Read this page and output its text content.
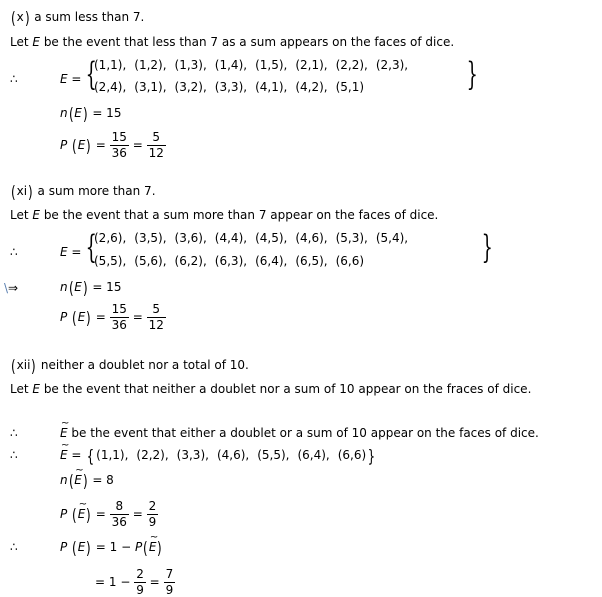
(x) a sum less than 7.
Let E be the event that less than 7 as a sum appears on the faces of dice.
∴	E = {
(1,1), (1,2), (1,3), (1,4), (1,5), (2,1), (2,2), (2,3),
(2,4), (3,1), (3,2), (3,3), (4,1), (4,2), (5,1)	}
n(E) = 15
P $(E) = \frac{15}{36} = \frac{5}{12}$
(xi) a sum more than 7.
Let E be the event that a sum more than 7 appear on the faces of dice.
∴	E = {
(2,6), (3,5), (3,6), (4,4), (4,5), (4,6), (5,3), (5,4),
(5,5), (5,6), (6,2), (6,3), (6,4), (6,5), (6,6)	}
\⇒	n(E) = 15
P $(E) = \frac{15}{36} = \frac{5}{12}$
(xii) neither a doublet nor a total of 10.
Let E be the event that neither a doublet nor a sum of 10 appear on the fraces of dice.
∴	~ E be the event that either a doublet or a sum of 10 appear on the faces of dice.
∴	~ E = { (1,1), (2,2), (3,3), (4,6), (5,5), (6,4), (6,6)}
n(~ E) = 8
P (~ $E) = \frac{8}{36} = \frac{2}{9}$
∴	P (E) = 1 − P(~ E)
= $1 - \frac{2}{9} = \frac{7}{9}$
